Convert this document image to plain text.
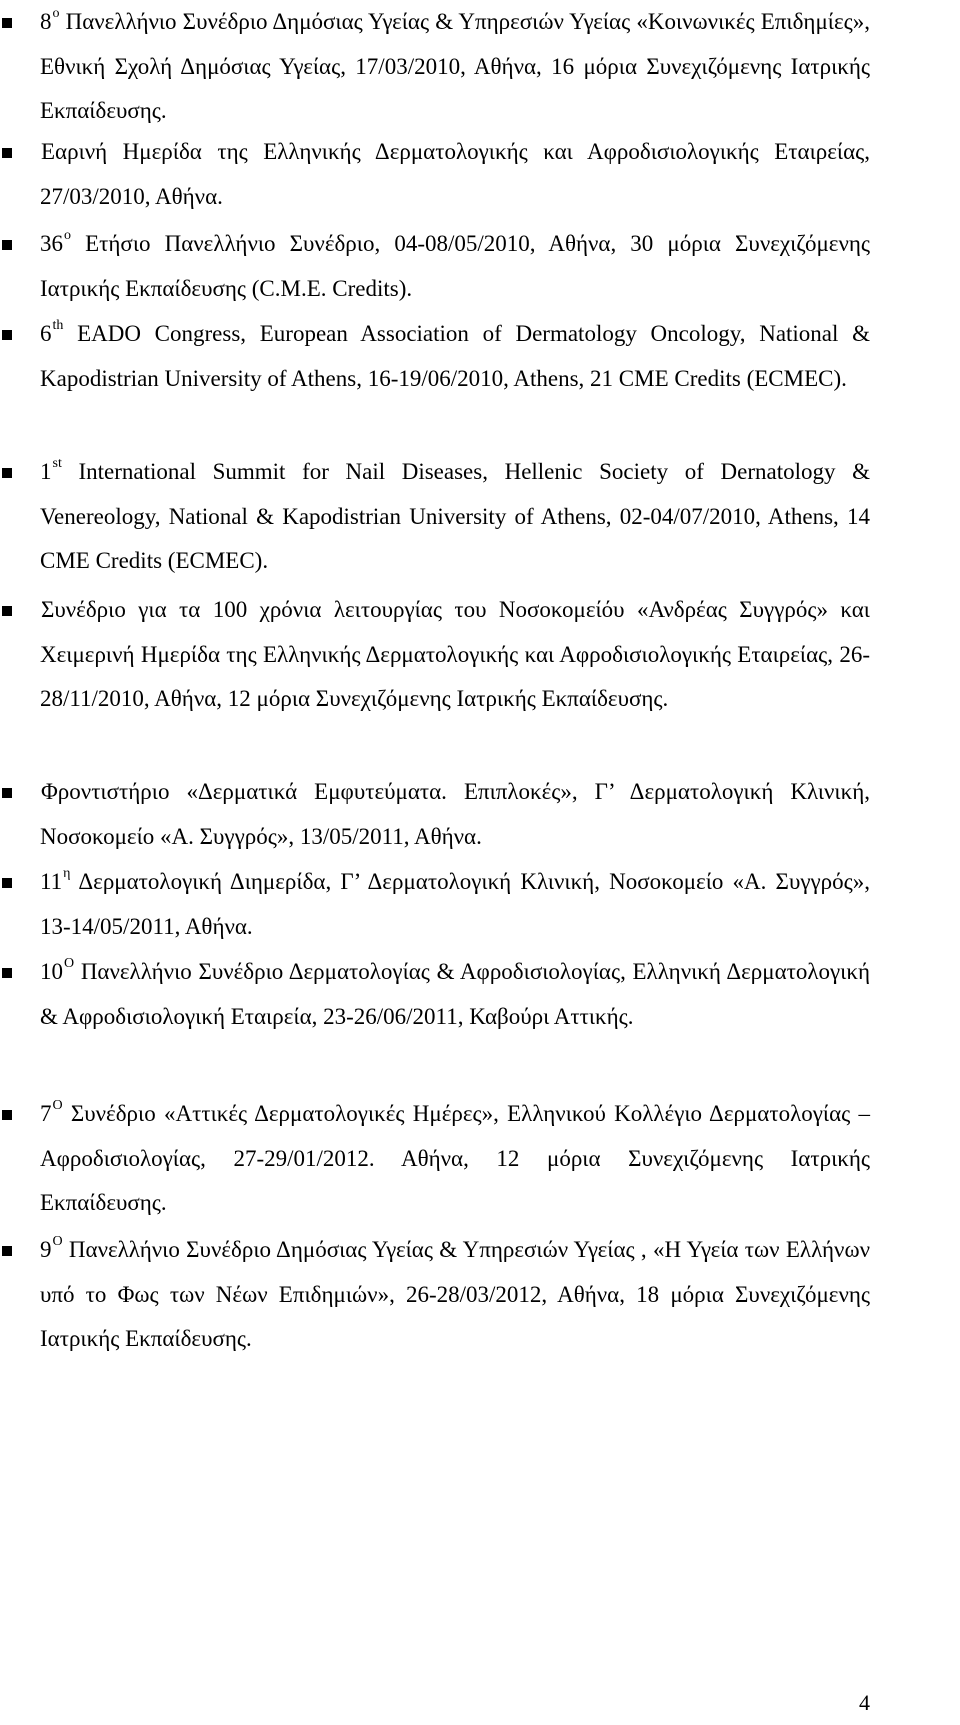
$8^o$ Πανελλήνιο Συνέδριο Δημόσιας Υγείας & Υπηρεσιών Υγείας «Κοινωνικές Επιδημίες», Εθνική Σχολή Δημόσιας Υγείας, 17/03/2010, Αθήνα, 16 μόρια Συνεχιζόμενης Ιατρικής Εκπαίδευσης.
Εαρινή Ημερίδα της Ελληνικής Δερματολογικής και Αφροδισιολογικής Εταιρείας, 27/03/2010, Αθήνα.
$36^o$ Ετήσιο Πανελλήνιο Συνέδριο, 04-08/05/2010, Αθήνα, 30 μόρια Συνεχιζόμενης Ιατρικής Εκπαίδευσης (C.M.E. Credits).
6th EADO Congress, European Association of Dermatology Oncology, National & Kapodistrian University of Athens, 16-19/06/2010, Athens, 21 CME Credits (ECMEC).
1st International Summit for Nail Diseases, Hellenic Society of Dernatology & Venereology, National & Kapodistrian University of Athens, 02-04/07/2010, Athens, 14 CME Credits (ECMEC).
Συνέδριο για τα 100 χρόνια λειτουργίας του Νοσοκομείόυ «Ανδρέας Συγγρός» και Χειμερινή Ημερίδα της Ελληνικής Δερματολογικής και Αφροδισιολογικής Εταιρείας, 26-28/11/2010, Αθήνα, 12 μόρια Συνεχιζόμενης Ιατρικής Εκπαίδευσης.
Φροντιστήριο «Δερματικά Εμφυτεύματα. Επιπλοκές», Γ’ Δερματολογική Κλινική, Νοσοκομείο «Α. Συγγρός», 13/05/2011, Αθήνα.
$11^\eta$ Δερματολογική Διημερίδα, Γ’ Δερματολογική Κλινική, Νοσοκομείο «Α. Συγγρός», 13-14/05/2011, Αθήνα.
$10^O$ Πανελλήνιο Συνέδριο Δερματολογίας & Αφροδισιολογίας, Ελληνική Δερματολογική & Αφροδισιολογική Εταιρεία, 23-26/06/2011, Καβούρι Αττικής.
$7^O$ Συνέδριο «Αττικές Δερματολογικές Ημέρες», Ελληνικού Κολλέγιο Δερματολογίας – Αφροδισιολογίας, 27-29/01/2012. Αθήνα, 12 μόρια Συνεχιζόμενης Ιατρικής Εκπαίδευσης.
$9^O$ Πανελλήνιο Συνέδριο Δημόσιας Υγείας & Υπηρεσιών Υγείας , «Η Υγεία των Ελλήνων υπό το Φως των Νέων Επιδημιών», 26-28/03/2012, Αθήνα, 18 μόρια Συνεχιζόμενης Ιατρικής Εκπαίδευσης.
4
